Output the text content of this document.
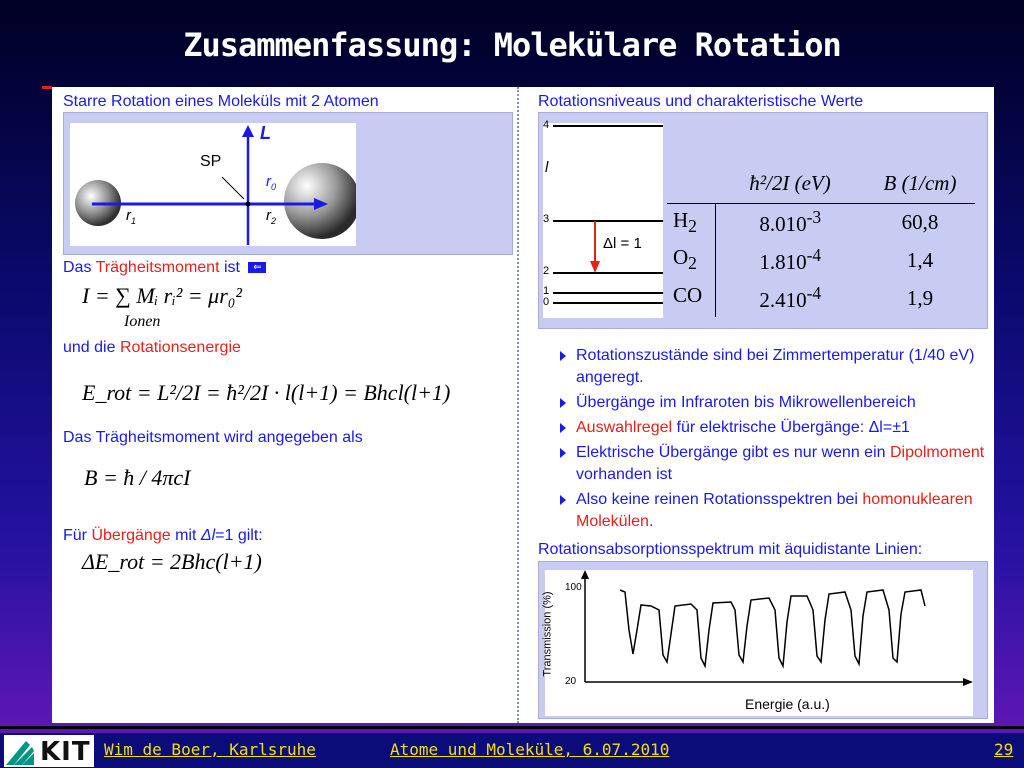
Zusammenfassung: Molekülare Rotation
Starre Rotation eines Moleküls mit 2 Atomen
L
SP
$r_0$
$r_1$	$r_2$
Das Trägheitsmoment ist ⇐
I = ∑ Mᵢ rᵢ² = μr₀²
Ionen
und die Rotationsenergie
E_rot = L²/2I = ħ²/2I · l(l+1) = Bhcl(l+1)
Das Trägheitsmoment wird angegeben als
B = ħ / 4πcI
Für Übergänge mit Δl=1 gilt:
ΔE_rot = 2Bhc(l+1)
Rotationsniveaus und charakteristische Werte
4
l
3
2
1
0
Δl = 1
	ħ²/2I (eV)	B (1/cm)
$H_2$	$8.010^{-3}$	60,8
$O_2$	$1.810^{-4}$	1,4
CO	$2.410^{-4}$	1,9
Rotationszustände sind bei Zimmertemperatur (1/40 eV) angeregt.
Übergänge im Infraroten bis Mikrowellenbereich
Auswahlregel für elektrische Übergänge: Δl=±1
Elektrische Übergänge gibt es nur wenn ein Dipolmoment vorhanden ist
Also keine reinen Rotationsspektren bei homonuklearen Molekülen.
Rotationsabsorptionsspektrum mit äquidistante Linien:
100
20
Transmission (%)
Energie (a.u.)
Wim de Boer, Karlsruhe	Atome und Moleküle, 6.07.2010	29
KIT
